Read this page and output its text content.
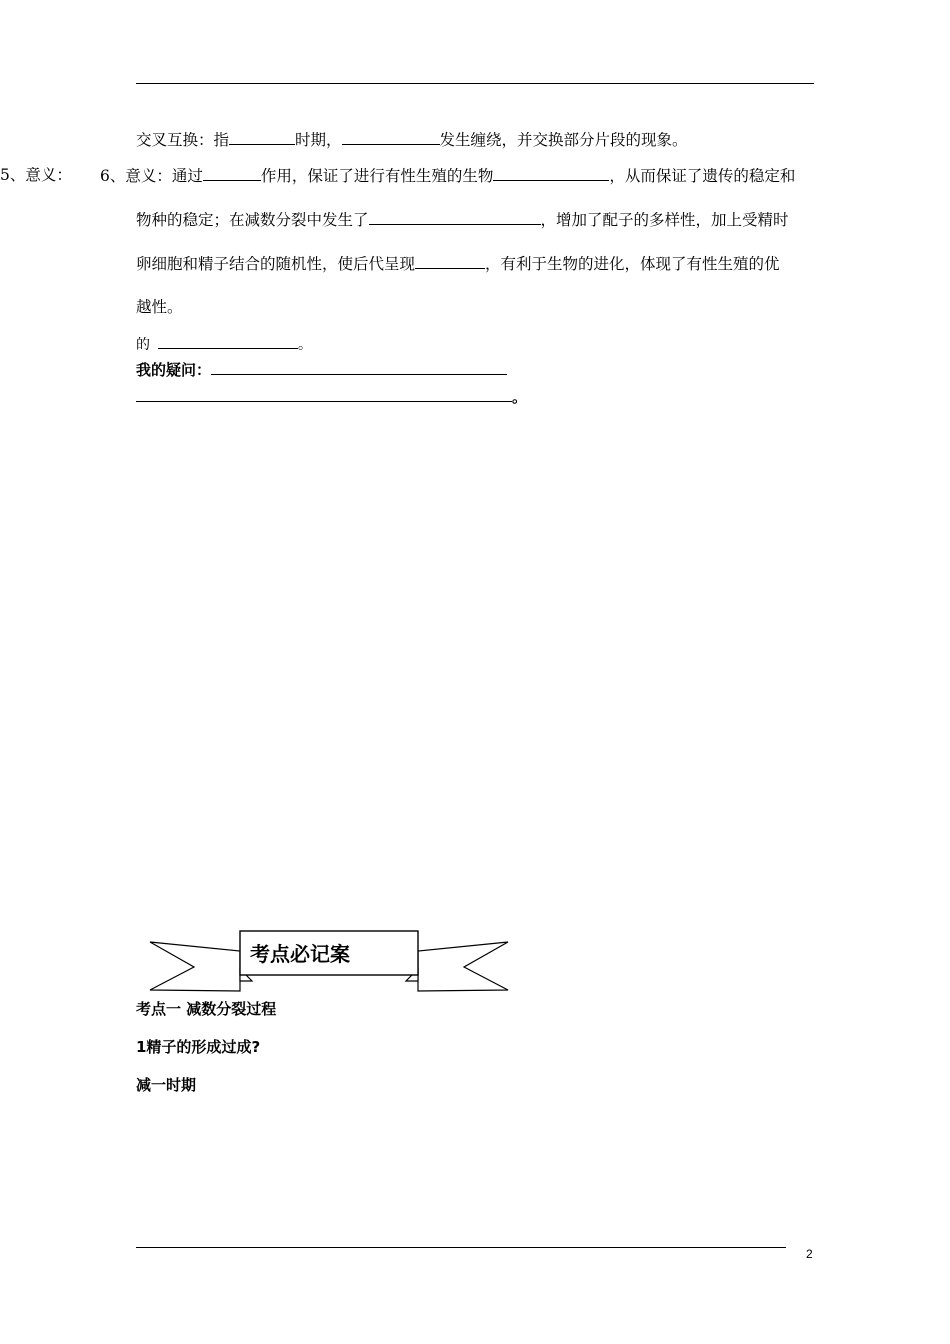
交叉互换：指	时期，	发生缠绕，并交换部分片段的现象。
5、意义： 6、意义：通过	作用，保证了进行有性生殖的生物	，从而保证了遗传的稳定和
物种的稳定；在减数分裂中发生了	，增加了配子的多样性，加上受精时
卵细胞和精子结合的随机性，使后代呈现	，有利于生物的进化，体现了有性生殖的优
越性。
的	。
我的疑问：
。
考点必记案
考点一 减数分裂过程
1精子的形成过成?
减一时期
2
